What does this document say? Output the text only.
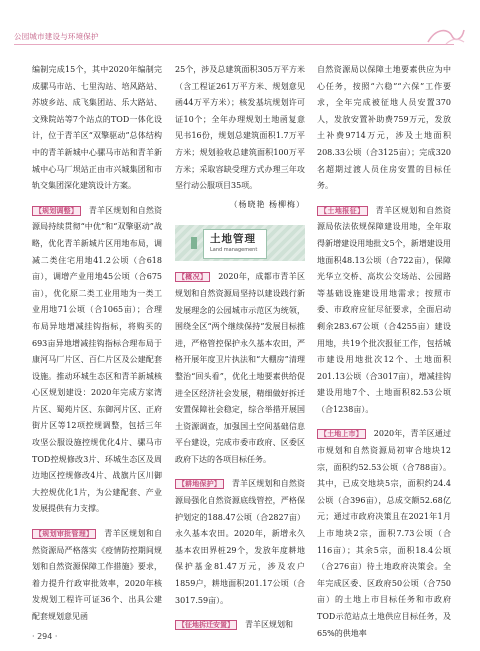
公园城市建设与环境保护

编制完成15个，其中2020年编制完成骡马市站、七里沟站、培风路站、苏坡乡站、成飞集团站、乐大路站、文殊院站等7个站点的TOD一体化设计，位于青羊区“双擎驱动”总体结构中的青羊新城中心骡马市站和青羊新城中心马厂坝站正由市兴城集团和市轨交集团深化建筑设计方案。

【规划调整】 青羊区规划和自然资源局持续贯彻“中优”和“双擎驱动”战略，优化青羊新城片区用地布局，调减二类住宅用地41.2公顷（合618亩），调增产业用地45公顷（合675亩），优化原二类工业用地为一类工业用地71公顷（合1065亩）；合理布局异地增减挂钩指标，将购买的693亩异地增减挂钩指标合理布局于康河马厂片区、百仁片区及公建配套设施。推动环城生态区和青羊新城核心区规划建设：2020年完成方家湾片区、蜀苑片区、东御河片区、正府街片区等12项控规调整，包括三年攻坚公服设施控规优化4片、骡马市TOD控规修改3片、环城生态区及周边地区控规修改4片、战旗片区川御大控规优化1片，为公建配套、产业发展提供有力支撑。

【规划审批管理】 青羊区规划和自然资源局严格落实《疫情防控期间规划和自然资源保障工作措施》要求，着力提升行政审批效率，2020年核发规划工程许可证36个、出具公建配套规划意见函

25个，涉及总建筑面积305万平方米（含工程证261万平方米、规划意见函44万平方米）；核发基坑规划许可证10个；全年办理规划土地函复意见书16份，规划总建筑面积1.7万平方米；规划验收总建筑面积100万平方米；采取容缺受理方式办理三年攻坚行动公服项目35项。

（杨晓艳 杨柳梅）
土地管理
Land management

【概况】 2020年，成都市青羊区规划和自然资源局坚持以建设践行新发展理念的公园城市示范区为统领，围绕全区“两个继续保持”发展目标推进，严格管控保护永久基本农田，严格开展年度卫片执法和“大棚房”清理整治“回头看”，优化土地要素供给促进全区经济社会发展，精细做好拆迁安置保障社会稳定，综合举措开展国土资源调查，加强国土空间基础信息平台建设，完成市委市政府、区委区政府下达的各项目标任务。

【耕地保护】 青羊区规划和自然资源局强化自然资源底线管控，严格保护划定的188.47公顷（合2827亩）永久基本农田。2020年，新增永久基本农田界桩29个，发放年度耕地保护基金81.47万元，涉及农户1859户，耕地面积201.17公顷（合3017.59亩）。

【征地拆迁安置】 青羊区规划和

自然资源局以保障土地要素供应为中心任务，按照“六稳”“六保”工作要求，全年完成被征地人员安置370人，发放安置补助费759万元，发放土补费9714万元，涉及土地面积208.33公顷（合3125亩）；完成320名超期过渡人员住房安置的目标任务。

【土地报征】 青羊区规划和自然资源局依法依规保障建设用地，全年取得新增建设用地批文5个，新增建设用地面积48.13公顷（合722亩），保障光华立交桥、高坎公交场站、公园路等基础设施建设用地需求；按照市委、市政府应征尽征要求，全面启动剩余283.67公顷（合4255亩）建设用地，共19个批次报征工作，包括城市建设用地批次12个、土地面积201.13公顷（合3017亩），增减挂钩建设用地7个、土地面积82.53公顷（合1238亩）。

【土地上市】 2020年，青羊区通过市规划和自然资源局初审合地块12宗，面积约52.53公顷（合788亩）。其中，已成交地块5宗，面积约24.4公顷（合396亩），总成交额52.68亿元；通过市政府决策且在2021年1月上市地块2宗，面积7.73公顷（合116亩）；其余5宗，面积18.4公顷（合276亩）待土地政府决策会。全年完成区委、区政府50公顷（合750亩）的土地上市目标任务和市政府TOD示范站点土地供应目标任务，及65%的供地率

· 294 ·
